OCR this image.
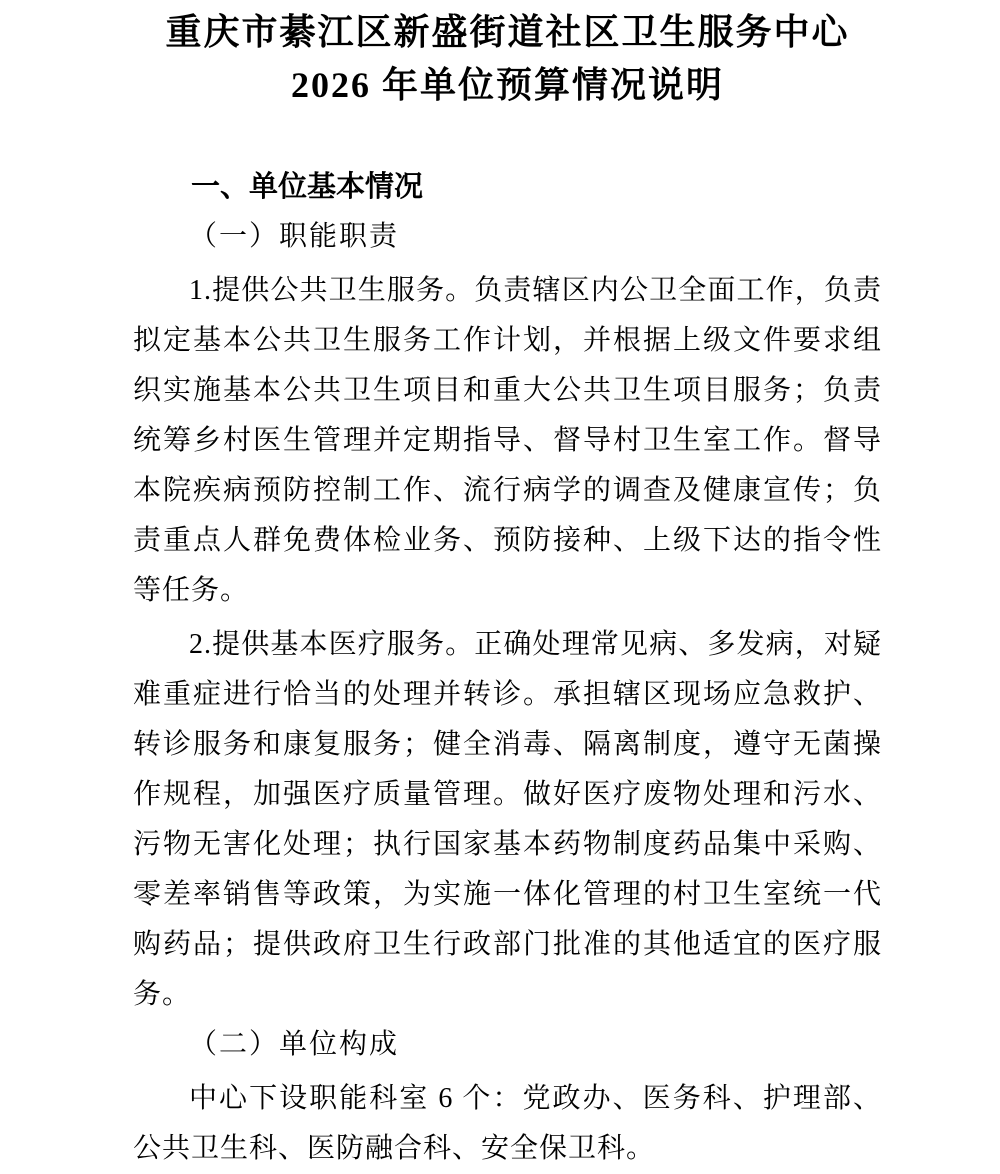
重庆市綦江区新盛街道社区卫生服务中心
2026 年单位预算情况说明
一、单位基本情况
（一）职能职责

1.提供公共卫生服务。负责辖区内公卫全面工作，负责拟定基本公共卫生服务工作计划，并根据上级文件要求组织实施基本公共卫生项目和重大公共卫生项目服务；负责统筹乡村医生管理并定期指导、督导村卫生室工作。督导本院疾病预防控制工作、流行病学的调查及健康宣传；负责重点人群免费体检业务、预防接种、上级下达的指令性等任务。

2.提供基本医疗服务。正确处理常见病、多发病，对疑难重症进行恰当的处理并转诊。承担辖区现场应急救护、转诊服务和康复服务；健全消毒、隔离制度，遵守无菌操作规程，加强医疗质量管理。做好医疗废物处理和污水、污物无害化处理；执行国家基本药物制度药品集中采购、零差率销售等政策，为实施一体化管理的村卫生室统一代购药品；提供政府卫生行政部门批准的其他适宜的医疗服务。

（二）单位构成

中心下设职能科室 6 个：党政办、医务科、护理部、公共卫生科、医防融合科、安全保卫科。
